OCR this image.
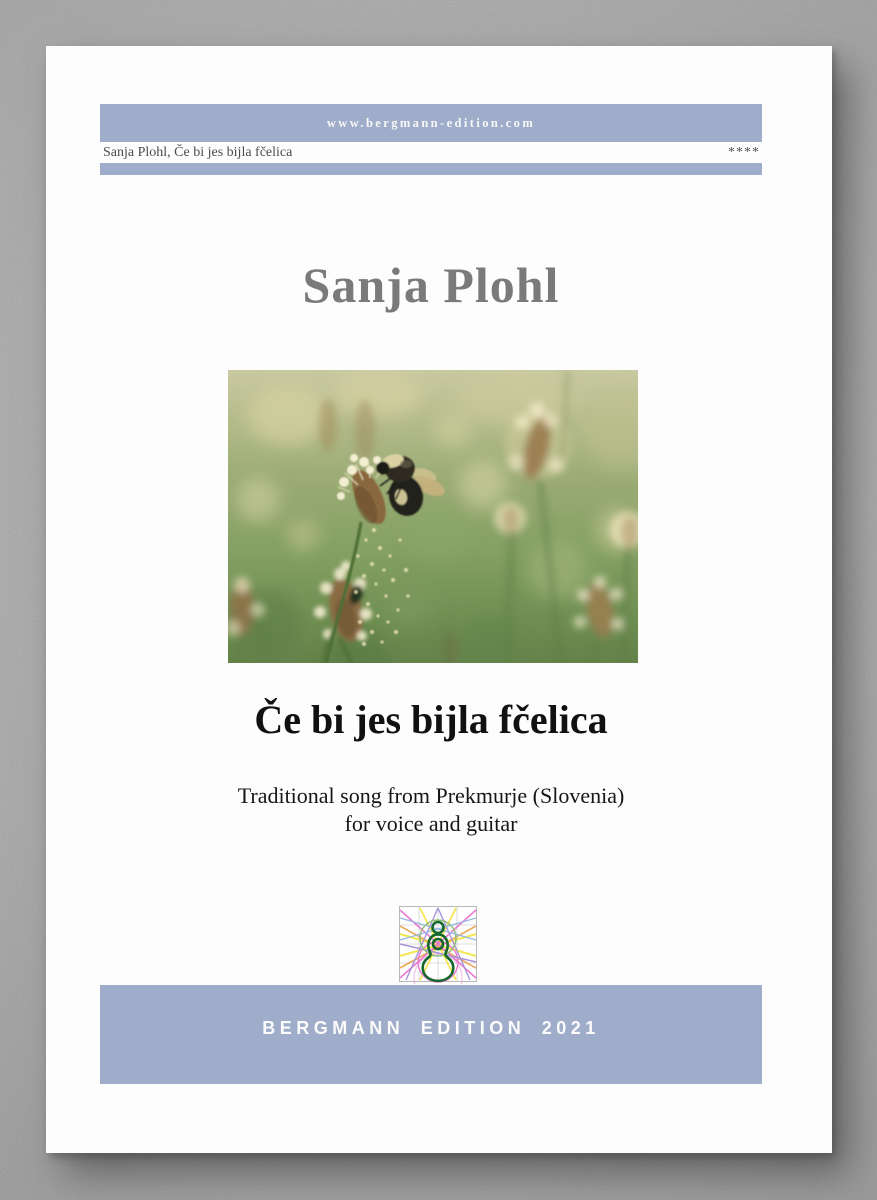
www.bergmann-edition.com
Sanja Plohl, Če bi jes bijla fčelica	****
Sanja Plohl
Če bi jes bijla fčelica
Traditional song from Prekmurje (Slovenia)
for voice and guitar
BERGMANN EDITION 2021
